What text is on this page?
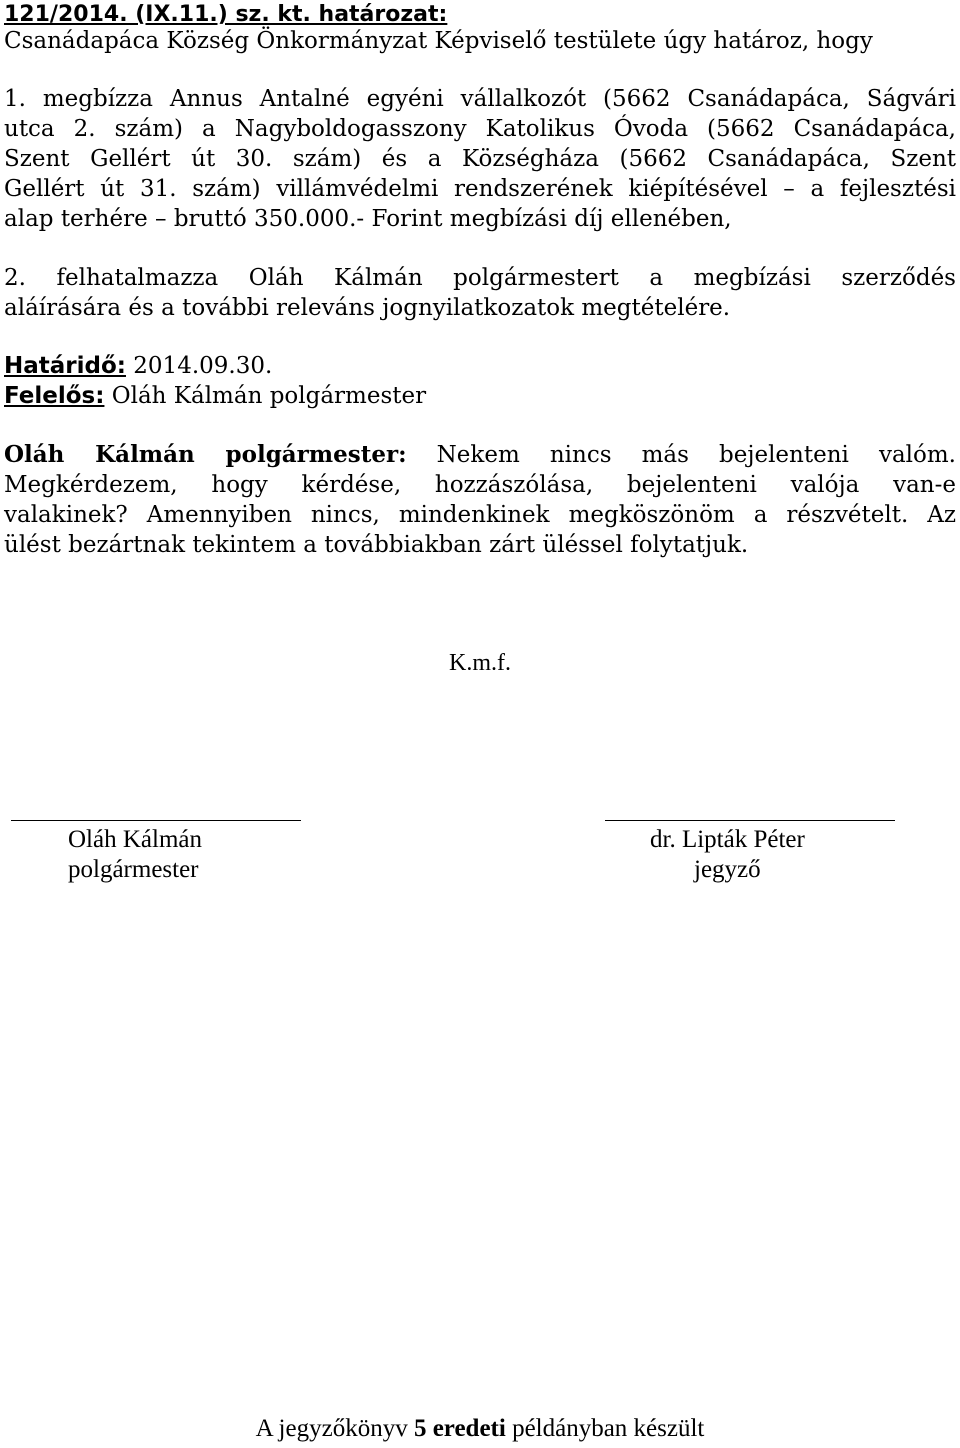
121/2014. (IX.11.) sz. kt. határozat:
Csanádapáca Község Önkormányzat Képviselő testülete úgy határoz, hogy
1. megbízza Annus Antalné egyéni vállalkozót (5662 Csanádapáca, Ságvári
utca 2. szám) a Nagyboldogasszony Katolikus Óvoda (5662 Csanádapáca,
Szent Gellért út 30. szám) és a Községháza (5662 Csanádapáca, Szent
Gellért út 31. szám) villámvédelmi rendszerének kiépítésével – a fejlesztési
alap terhére – bruttó 350.000.- Forint megbízási díj ellenében,
2. felhatalmazza Oláh Kálmán polgármestert a megbízási szerződés
aláírására és a további releváns jognyilatkozatok megtételére.
Határidő: 2014.09.30.
Felelős: Oláh Kálmán polgármester
Oláh Kálmán polgármester: Nekem nincs más bejelenteni valóm.
Megkérdezem, hogy kérdése, hozzászólása, bejelenteni valója van-e
valakinek? Amennyiben nincs, mindenkinek megköszönöm a részvételt. Az
ülést bezártnak tekintem a továbbiakban zárt üléssel folytatjuk.
K.m.f.
Oláh Kálmán
polgármester
dr. Lipták Péter
jegyző
A jegyzőkönyv 5 eredeti példányban készült
